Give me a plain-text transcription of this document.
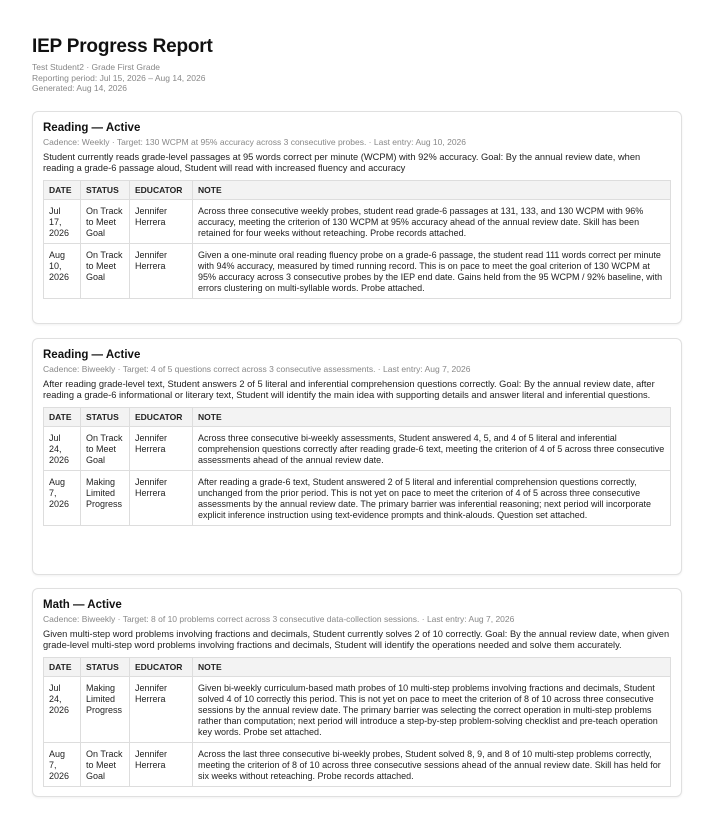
IEP Progress Report
Test Student2 · Grade First Grade
Reporting period: Jul 15, 2026 – Aug 14, 2026
Generated: Aug 14, 2026
Reading — Active
Cadence: Weekly · Target: 130 WCPM at 95% accuracy across 3 consecutive probes. · Last entry: Aug 10, 2026
Student currently reads grade-level passages at 95 words correct per minute (WCPM) with 92% accuracy. Goal: By the annual review date, when reading a grade-6 passage aloud, Student will read with increased fluency and accuracy
DATE	STATUS	EDUCATOR	NOTE
Jul 17, 2026	On Track to Meet Goal	Jennifer Herrera	Across three consecutive weekly probes, student read grade-6 passages at 131, 133, and 130 WCPM with 96% accuracy, meeting the criterion of 130 WCPM at 95% accuracy ahead of the annual review date. Skill has been retained for four weeks without reteaching. Probe records attached.
Aug 10, 2026	On Track to Meet Goal	Jennifer Herrera	Given a one-minute oral reading fluency probe on a grade-6 passage, the student read 111 words correct per minute with 94% accuracy, measured by timed running record. This is on pace to meet the goal criterion of 130 WCPM at 95% accuracy across 3 consecutive probes by the IEP end date. Gains held from the 95 WCPM / 92% baseline, with errors clustering on multi-syllable words. Probe attached.
Reading — Active
Cadence: Biweekly · Target: 4 of 5 questions correct across 3 consecutive assessments. · Last entry: Aug 7, 2026
After reading grade-level text, Student answers 2 of 5 literal and inferential comprehension questions correctly. Goal: By the annual review date, after reading a grade-6 informational or literary text, Student will identify the main idea with supporting details and answer literal and inferential questions.
DATE	STATUS	EDUCATOR	NOTE
Jul 24, 2026	On Track to Meet Goal	Jennifer Herrera	Across three consecutive bi-weekly assessments, Student answered 4, 5, and 4 of 5 literal and inferential comprehension questions correctly after reading grade-6 text, meeting the criterion of 4 of 5 across three consecutive assessments ahead of the annual review date.
Aug 7, 2026	Making Limited Progress	Jennifer Herrera	After reading a grade-6 text, Student answered 2 of 5 literal and inferential comprehension questions correctly, unchanged from the prior period. This is not yet on pace to meet the criterion of 4 of 5 across three consecutive assessments by the annual review date. The primary barrier was inferential reasoning; next period will incorporate explicit inference instruction using text-evidence prompts and think-alouds. Question set attached.
Math — Active
Cadence: Biweekly · Target: 8 of 10 problems correct across 3 consecutive data-collection sessions. · Last entry: Aug 7, 2026
Given multi-step word problems involving fractions and decimals, Student currently solves 2 of 10 correctly. Goal: By the annual review date, when given grade-level multi-step word problems involving fractions and decimals, Student will identify the operations needed and solve them accurately.
DATE	STATUS	EDUCATOR	NOTE
Jul 24, 2026	Making Limited Progress	Jennifer Herrera	Given bi-weekly curriculum-based math probes of 10 multi-step problems involving fractions and decimals, Student solved 4 of 10 correctly this period. This is not yet on pace to meet the criterion of 8 of 10 across three consecutive sessions by the annual review date. The primary barrier was selecting the correct operation in multi-step problems rather than computation; next period will introduce a step-by-step problem-solving checklist and pre-teach operation key words. Probe set attached.
Aug 7, 2026	On Track to Meet Goal	Jennifer Herrera	Across the last three consecutive bi-weekly probes, Student solved 8, 9, and 8 of 10 multi-step problems correctly, meeting the criterion of 8 of 10 across three consecutive sessions ahead of the annual review date. Skill has held for six weeks without reteaching. Probe records attached.
